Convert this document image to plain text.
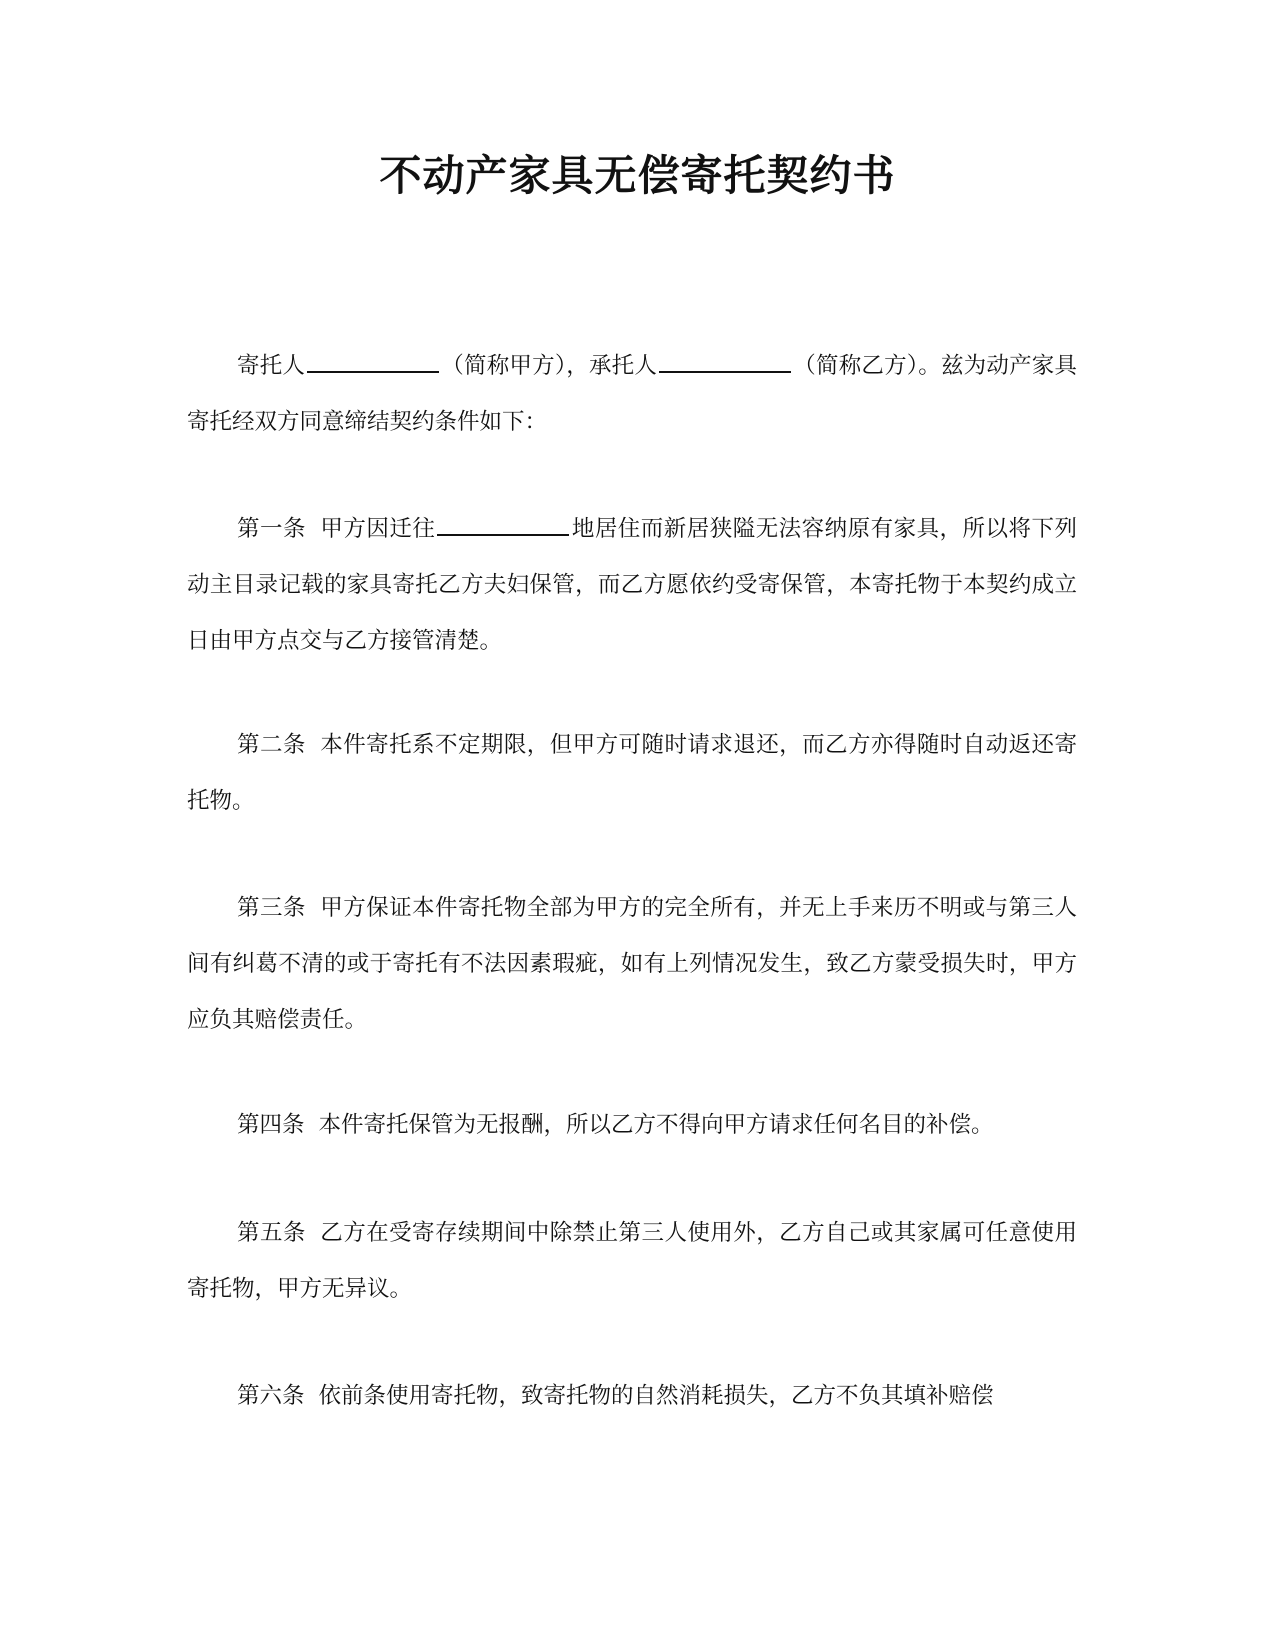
不动产家具无偿寄托契约书

寄托人	（简称甲方），承托人	（简称乙方）。兹为动产家具寄托经双方同意缔结契约条件如下：

第一条 甲方因迁往	地居住而新居狭隘无法容纳原有家具，所以将下列动主目录记载的家具寄托乙方夫妇保管，而乙方愿依约受寄保管，本寄托物于本契约成立日由甲方点交与乙方接管清楚。

第二条 本件寄托系不定期限，但甲方可随时请求退还，而乙方亦得随时自动返还寄托物。

第三条 甲方保证本件寄托物全部为甲方的完全所有，并无上手来历不明或与第三人间有纠葛不清的或于寄托有不法因素瑕疵，如有上列情况发生，致乙方蒙受损失时，甲方应负其赔偿责任。

第四条 本件寄托保管为无报酬，所以乙方不得向甲方请求任何名目的补偿。

第五条 乙方在受寄存续期间中除禁止第三人使用外，乙方自己或其家属可任意使用寄托物，甲方无异议。

第六条 依前条使用寄托物，致寄托物的自然消耗损失，乙方不负其填补赔偿
